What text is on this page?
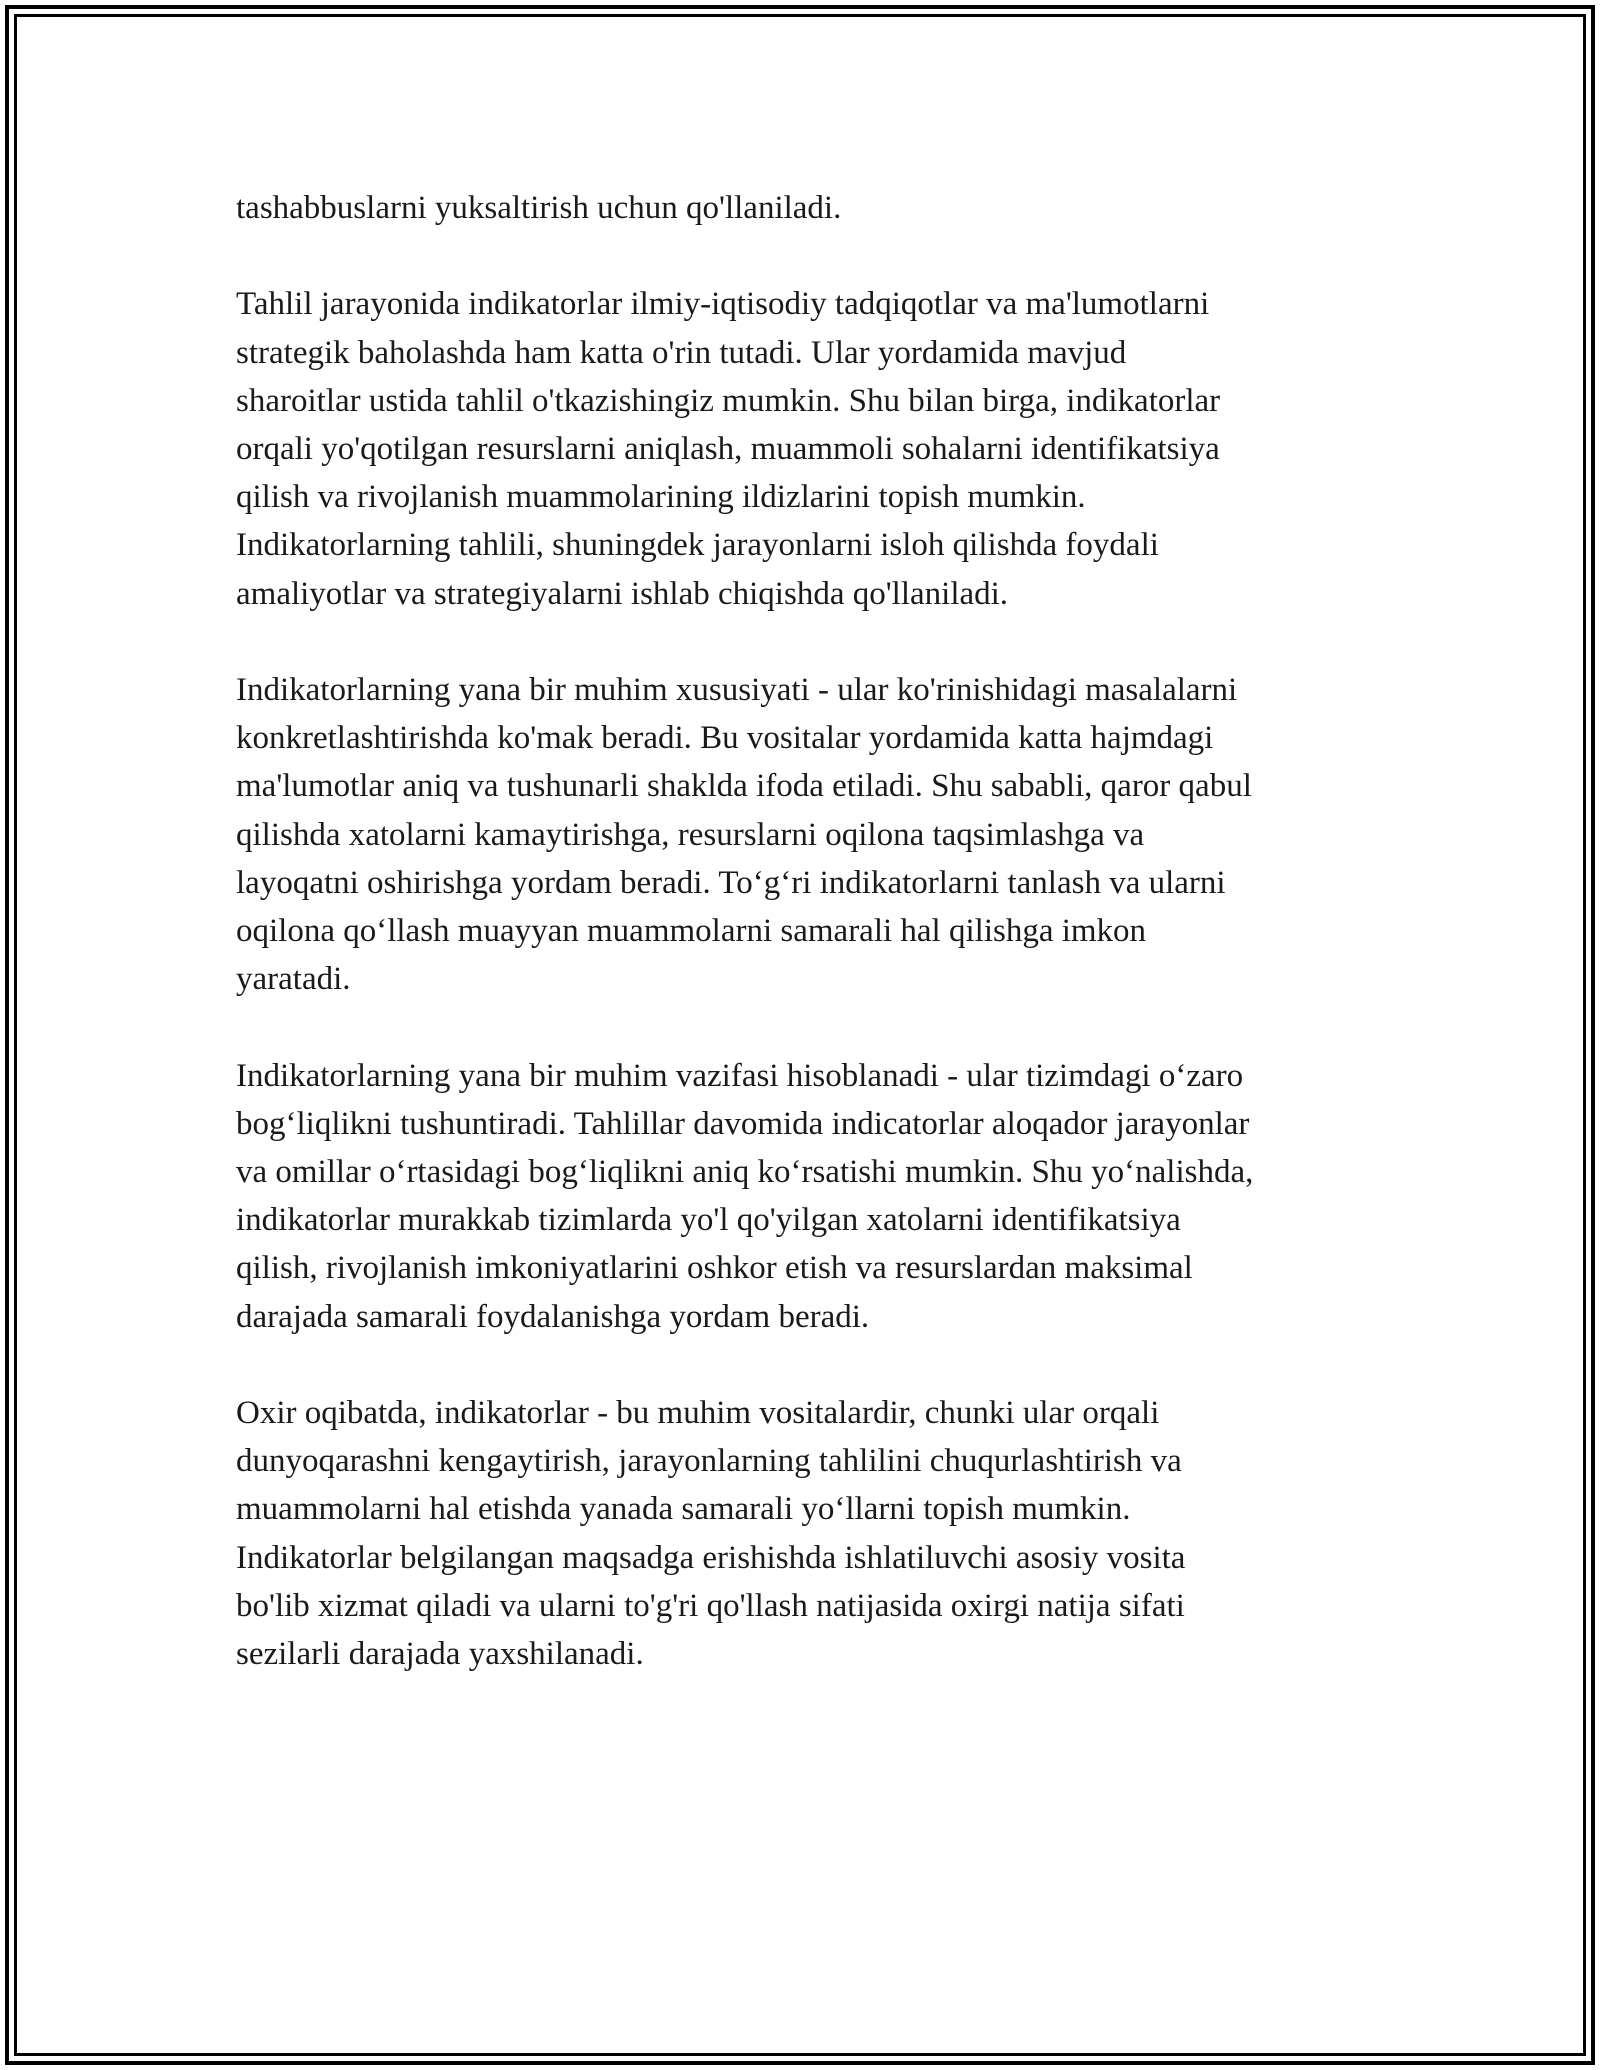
tashabbuslarni yuksaltirish uchun qo'llaniladi.

Tahlil jarayonida indikatorlar ilmiy-iqtisodiy tadqiqotlar va ma'lumotlarni
strategik baholashda ham katta o'rin tutadi. Ular yordamida mavjud
sharoitlar ustida tahlil o'tkazishingiz mumkin. Shu bilan birga, indikatorlar
orqali yo'qotilgan resurslarni aniqlash, muammoli sohalarni identifikatsiya
qilish va rivojlanish muammolarining ildizlarini topish mumkin.
Indikatorlarning tahlili, shuningdek jarayonlarni isloh qilishda foydali
amaliyotlar va strategiyalarni ishlab chiqishda qo'llaniladi.

Indikatorlarning yana bir muhim xususiyati - ular ko'rinishidagi masalalarni
konkretlashtirishda ko'mak beradi. Bu vositalar yordamida katta hajmdagi
ma'lumotlar aniq va tushunarli shaklda ifoda etiladi. Shu sababli, qaror qabul
qilishda xatolarni kamaytirishga, resurslarni oqilona taqsimlashga va
layoqatni oshirishga yordam beradi. To‘g‘ri indikatorlarni tanlash va ularni
oqilona qo‘llash muayyan muammolarni samarali hal qilishga imkon
yaratadi.

Indikatorlarning yana bir muhim vazifasi hisoblanadi - ular tizimdagi o‘zaro
bog‘liqlikni tushuntiradi. Tahlillar davomida indicatorlar aloqador jarayonlar
va omillar o‘rtasidagi bog‘liqlikni aniq ko‘rsatishi mumkin. Shu yo‘nalishda,
indikatorlar murakkab tizimlarda yo'l qo'yilgan xatolarni identifikatsiya
qilish, rivojlanish imkoniyatlarini oshkor etish va resurslardan maksimal
darajada samarali foydalanishga yordam beradi.

Oxir oqibatda, indikatorlar - bu muhim vositalardir, chunki ular orqali
dunyoqarashni kengaytirish, jarayonlarning tahlilini chuqurlashtirish va
muammolarni hal etishda yanada samarali yo‘llarni topish mumkin.
Indikatorlar belgilangan maqsadga erishishda ishlatiluvchi asosiy vosita
bo'lib xizmat qiladi va ularni to'g'ri qo'llash natijasida oxirgi natija sifati
sezilarli darajada yaxshilanadi.
